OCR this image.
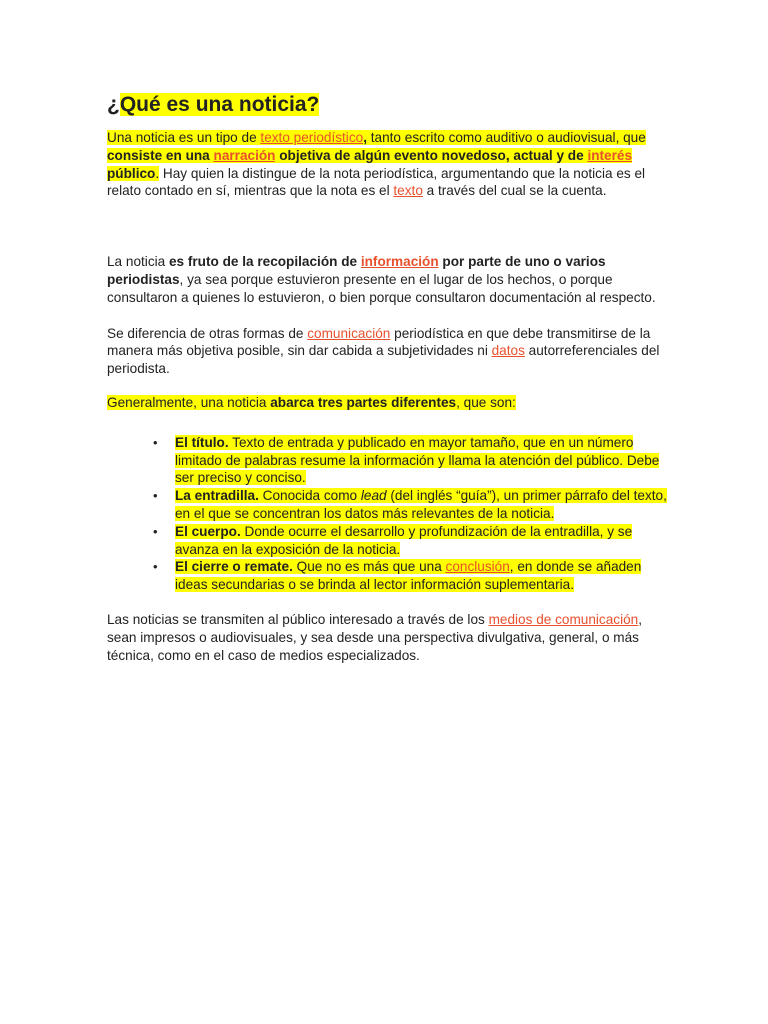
¿Qué es una noticia?

Una noticia es un tipo de texto periodístico, tanto escrito como auditivo o audiovisual, que consiste en una narración objetiva de algún evento novedoso, actual y de interés público. Hay quien la distingue de la nota periodística, argumentando que la noticia es el relato contado en sí, mientras que la nota es el texto a través del cual se la cuenta.

La noticia es fruto de la recopilación de información por parte de uno o varios periodistas, ya sea porque estuvieron presente en el lugar de los hechos, o porque consultaron a quienes lo estuvieron, o bien porque consultaron documentación al respecto.

Se diferencia de otras formas de comunicación periodística en que debe transmitirse de la manera más objetiva posible, sin dar cabida a subjetividades ni datos autorreferenciales del periodista.

Generalmente, una noticia abarca tres partes diferentes, que son:

• El título. Texto de entrada y publicado en mayor tamaño, que en un número limitado de palabras resume la información y llama la atención del público. Debe ser preciso y conciso.
• La entradilla. Conocida como lead (del inglés “guía”), un primer párrafo del texto, en el que se concentran los datos más relevantes de la noticia.
• El cuerpo. Donde ocurre el desarrollo y profundización de la entradilla, y se avanza en la exposición de la noticia.
• El cierre o remate. Que no es más que una conclusión, en donde se añaden ideas secundarias o se brinda al lector información suplementaria.

Las noticias se transmiten al público interesado a través de los medios de comunicación, sean impresos o audiovisuales, y sea desde una perspectiva divulgativa, general, o más técnica, como en el caso de medios especializados.
